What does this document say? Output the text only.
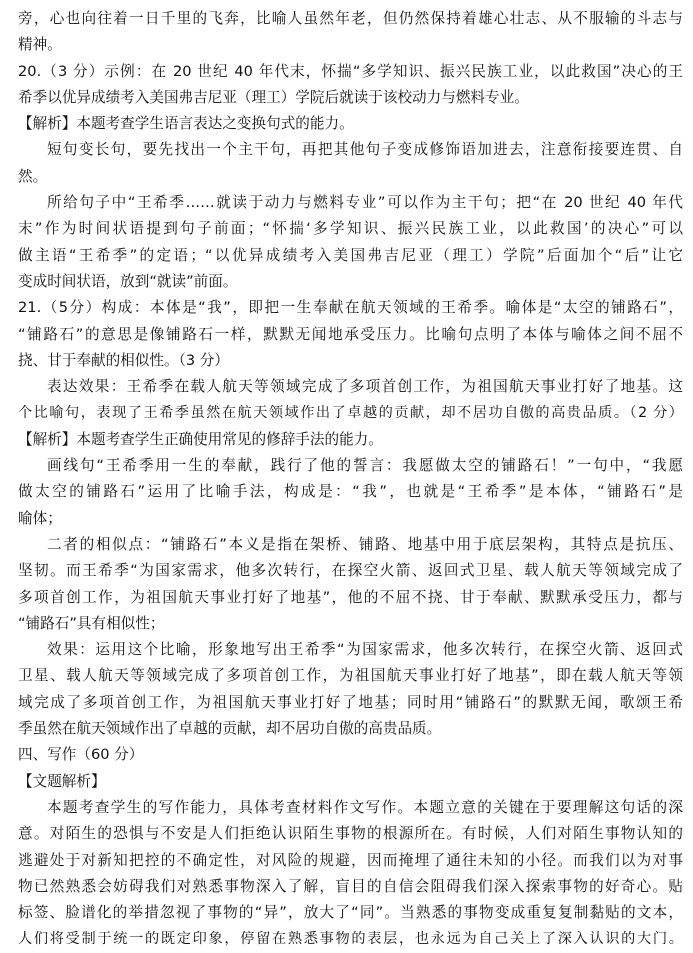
旁，心也向往着一日千里的飞奔，比喻人虽然年老，但仍然保持着雄心壮志、从不服输的斗志与
精神。
20.（3 分）示例：在 20 世纪 40 年代末，怀揣“多学知识、振兴民族工业，以此救国”决心的王
希季以优异成绩考入美国弗吉尼亚（理工）学院后就读于该校动力与燃料专业。
【解析】本题考查学生语言表达之变换句式的能力。
短句变长句，要先找出一个主干句，再把其他句子变成修饰语加进去，注意衔接要连贯、自
然。
所给句子中“王希季……就读于动力与燃料专业”可以作为主干句；把“在 20 世纪 40 年代
末”作为时间状语提到句子前面；“怀揣‘多学知识、振兴民族工业，以此救国’的决心”可以
做主语“王希季”的定语；“以优异成绩考入美国弗吉尼亚（理工）学院”后面加个“后”让它
变成时间状语，放到“就读”前面。
21.（5分）构成：本体是“我”，即把一生奉献在航天领域的王希季。喻体是“太空的铺路石”，
“铺路石”的意思是像铺路石一样，默默无闻地承受压力。比喻句点明了本体与喻体之间不屈不
挠、甘于奉献的相似性。（3 分）
表达效果：王希季在载人航天等领域完成了多项首创工作，为祖国航天事业打好了地基。这
个比喻句，表现了王希季虽然在航天领域作出了卓越的贡献，却不居功自傲的高贵品质。（2 分）
【解析】本题考查学生正确使用常见的修辞手法的能力。
画线句“王希季用一生的奉献，践行了他的誓言：我愿做太空的铺路石！”一句中，“我愿
做太空的铺路石”运用了比喻手法，构成是：“我”，也就是“王希季”是本体，“铺路石”是
喻体；
二者的相似点：“铺路石”本义是指在架桥、铺路、地基中用于底层架构，其特点是抗压、
坚韧。而王希季“为国家需求，他多次转行，在探空火箭、返回式卫星、载人航天等领域完成了
多项首创工作，为祖国航天事业打好了地基”，他的不屈不挠、甘于奉献、默默承受压力，都与
“铺路石”具有相似性；
效果：运用这个比喻，形象地写出王希季“为国家需求，他多次转行，在探空火箭、返回式
卫星、载人航天等领域完成了多项首创工作，为祖国航天事业打好了地基”，即在载人航天等领
域完成了多项首创工作，为祖国航天事业打好了地基；同时用“铺路石”的默默无闻，歌颂王希
季虽然在航天领域作出了卓越的贡献，却不居功自傲的高贵品质。
四、写作（60 分）
【文题解析】
本题考查学生的写作能力，具体考查材料作文写作。本题立意的关键在于要理解这句话的深
意。对陌生的恐惧与不安是人们拒绝认识陌生事物的根源所在。有时候，人们对陌生事物认知的
逃避处于对新知把控的不确定性，对风险的规避，因而掩埋了通往未知的小径。而我们以为对事
物已然熟悉会妨碍我们对熟悉事物深入了解，盲目的自信会阻碍我们深入探索事物的好奇心。贴
标签、脸谱化的举措忽视了事物的“异”，放大了“同”。当熟悉的事物变成重复复制黏贴的文本，
人们将受制于统一的既定印象，停留在熟悉事物的表层，也永远为自己关上了深入认识的大门。
